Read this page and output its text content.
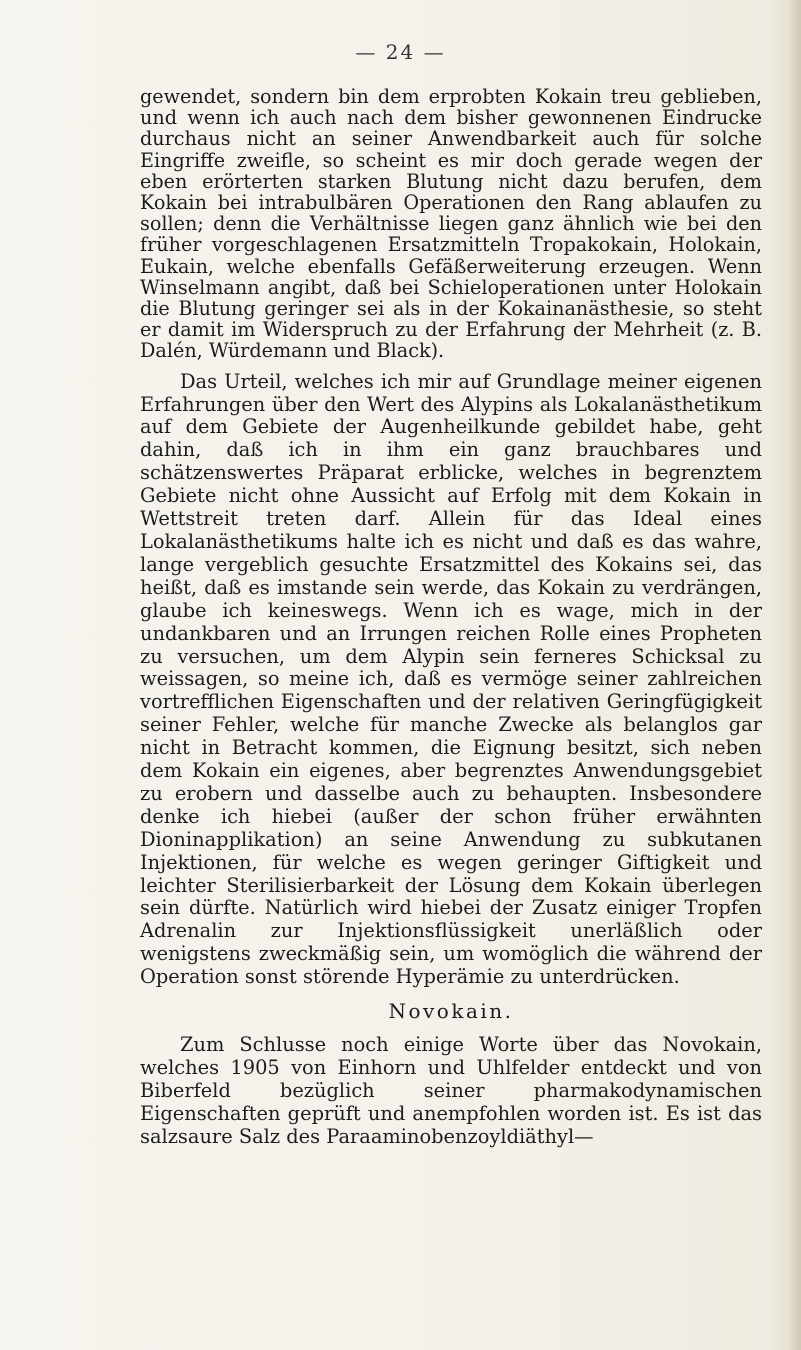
— 24 —

gewendet, sondern bin dem erprobten Kokain treu geblieben, und wenn ich auch nach dem bisher gewonnenen Eindrucke durchaus nicht an seiner Anwendbarkeit auch für solche Eingriffe zweifle, so scheint es mir doch gerade wegen der eben erörterten starken Blutung nicht dazu berufen, dem Kokain bei intrabulbären Operationen den Rang ablaufen zu sollen; denn die Verhältnisse liegen ganz ähnlich wie bei den früher vorgeschlagenen Ersatzmitteln Tropakokain, Holokain, Eukain, welche ebenfalls Gefäßerweiterung erzeugen. Wenn Winselmann angibt, daß bei Schieloperationen unter Holokain die Blutung geringer sei als in der Kokainanästhesie, so steht er damit im Widerspruch zu der Erfahrung der Mehrheit (z. B. Dalén, Würdemann und Black).

Das Urteil, welches ich mir auf Grundlage meiner eigenen Erfahrungen über den Wert des Alypins als Lokalanästhetikum auf dem Gebiete der Augenheilkunde gebildet habe, geht dahin, daß ich in ihm ein ganz brauchbares und schätzenswertes Präparat erblicke, welches in begrenztem Gebiete nicht ohne Aussicht auf Erfolg mit dem Kokain in Wettstreit treten darf. Allein für das Ideal eines Lokalanästhetikums halte ich es nicht und daß es das wahre, lange vergeblich gesuchte Ersatzmittel des Kokains sei, das heißt, daß es imstande sein werde, das Kokain zu verdrängen, glaube ich keineswegs. Wenn ich es wage, mich in der undankbaren und an Irrungen reichen Rolle eines Propheten zu versuchen, um dem Alypin sein ferneres Schicksal zu weissagen, so meine ich, daß es vermöge seiner zahlreichen vortrefflichen Eigenschaften und der relativen Geringfügigkeit seiner Fehler, welche für manche Zwecke als belanglos gar nicht in Betracht kommen, die Eignung besitzt, sich neben dem Kokain ein eigenes, aber begrenztes Anwendungsgebiet zu erobern und dasselbe auch zu behaupten. Insbesondere denke ich hiebei (außer der schon früher erwähnten Dioninapplikation) an seine Anwendung zu subkutanen Injektionen, für welche es wegen geringer Giftigkeit und leichter Sterilisierbarkeit der Lösung dem Kokain überlegen sein dürfte. Natürlich wird hiebei der Zusatz einiger Tropfen Adrenalin zur Injektionsflüssigkeit unerläßlich oder wenigstens zweckmäßig sein, um womöglich die während der Operation sonst störende Hyperämie zu unterdrücken.

Novokain.

Zum Schlusse noch einige Worte über das Novokain, welches 1905 von Einhorn und Uhlfelder entdeckt und von Biberfeld bezüglich seiner pharmakodynamischen Eigenschaften geprüft und anempfohlen worden ist. Es ist das salzsaure Salz des Paraaminobenzoyldiäthyl—
